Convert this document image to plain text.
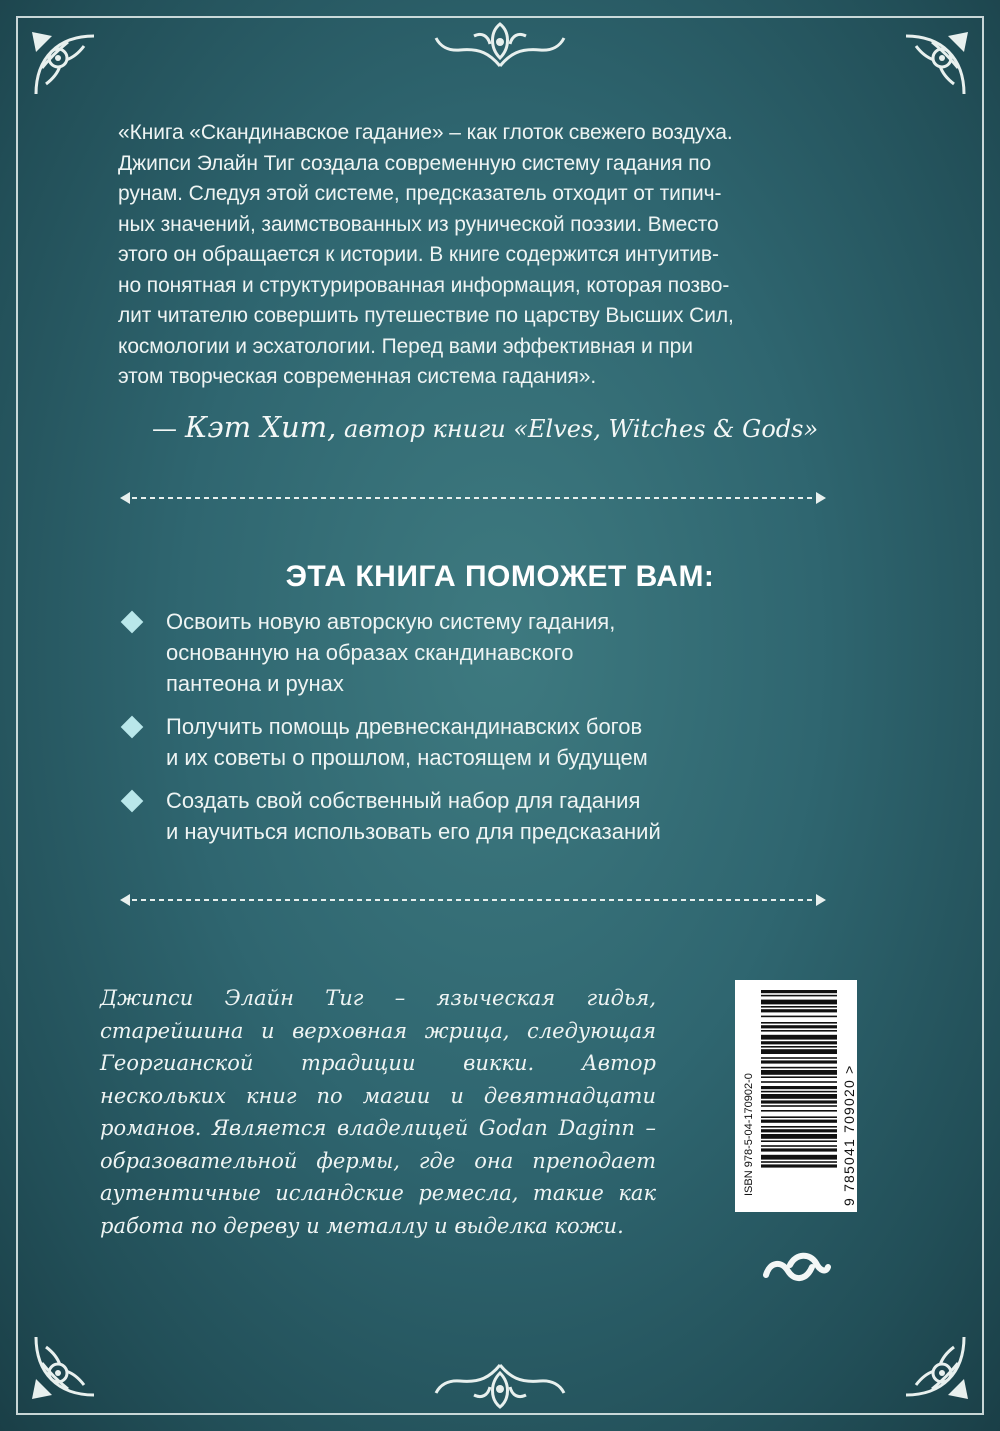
«Книга «Скандинавское гадание» – как глоток свежего воздуха.
Джипси Элайн Тиг создала современную систему гадания по
рунам. Следуя этой системе, предсказатель отходит от типич-
ных значений, заимствованных из рунической поэзии. Вместо
этого он обращается к истории. В книге содержится интуитив-
но понятная и структурированная информация, которая позво-
лит читателю совершить путешествие по царству Высших Сил,
космологии и эсхатологии. Перед вами эффективная и при
этом творческая современная система гадания».

— Кэт Хит, автор книги «Elves, Witches & Gods»
ЭТА КНИГА ПОМОЖЕТ ВАМ:
Освоить новую авторскую систему гадания,
основанную на образах скандинавского
пантеона и рунах
Получить помощь древнескандинавских богов
и их советы о прошлом, настоящем и будущем
Создать свой собственный набор для гадания
и научиться использовать его для предсказаний

Джипси Элайн Тиг – языческая гидья, старейшина и верховная жрица, следующая Георгианской традиции викки. Автор нескольких книг по магии и девятнадцати романов. Является владелицей Godan Daginn – образовательной фермы, где она преподает аутентичные исландские ремесла, такие как работа по дереву и металлу и выделка кожи.

ISBN 978-5-04-170902-0	9 785041 709020 >
